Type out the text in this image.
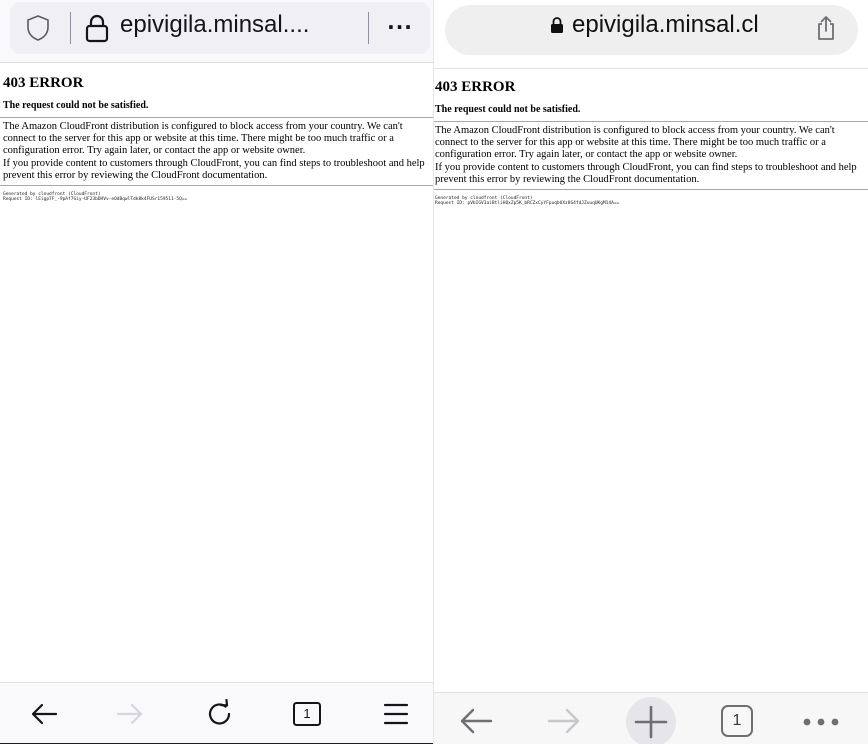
epivigila.minsal....	···
403 ERROR
The request could not be satisfied.
The Amazon CloudFront distribution is configured to block access from your country. We can't connect to the server for this app or website at this time. There might be too much traffic or a configuration error. Try again later, or contact the app or website owner.
If you provide content to customers through CloudFront, you can find steps to troubleshoot and help prevent this error by reviewing the CloudFront documentation.
Generated by cloudfront (CloudFront)
Request ID: lEigp7F_-9pAf7Giy-UF23bDHVv-eOdBqwlTdk8k4FUSr159511-5Q==
1
epivigila.minsal.cl
403 ERROR
The request could not be satisfied.
The Amazon CloudFront distribution is configured to block access from your country. We can't connect to the server for this app or website at this time. There might be too much traffic or a configuration error. Try again later, or contact the app or website owner.
If you provide content to customers through CloudFront, you can find steps to troubleshoot and help prevent this error by reviewing the CloudFront documentation.
Generated by cloudfront (CloudFront)
Request ID: pVbIGV3aiBtliHQxZp5K_bRCZxCyYFpuqbUXz8G4fdJZuuqUKgM14A==
1
